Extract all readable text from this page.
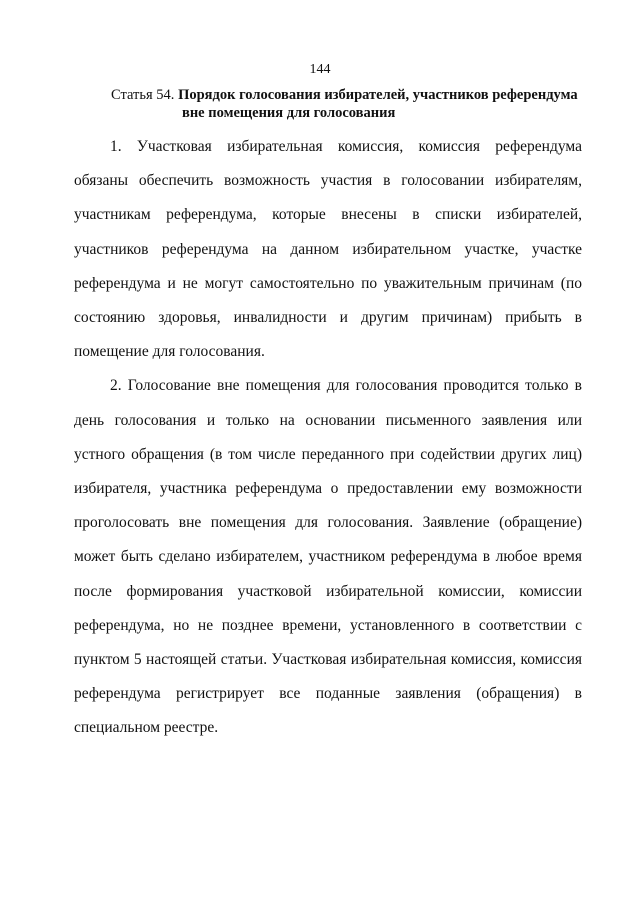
144
Статья 54. Порядок голосования избирателей, участников референдума
вне помещения для голосования

1. Участковая избирательная комиссия, комиссия референдума обязаны обеспечить возможность участия в голосовании избирателям, участникам референдума, которые внесены в списки избирателей, участников референдума на данном избирательном участке, участке референдума и не могут самостоятельно по уважительным причинам (по состоянию здоровья, инвалидности и другим причинам) прибыть в помещение для голосования.

2. Голосование вне помещения для голосования проводится только в день голосования и только на основании письменного заявления или устного обращения (в том числе переданного при содействии других лиц) избирателя, участника референдума о предоставлении ему возможности проголосовать вне помещения для голосования. Заявление (обращение) может быть сделано избирателем, участником референдума в любое время после формирования участковой избирательной комиссии, комиссии референдума, но не позднее времени, установленного в соответствии с пунктом 5 настоящей статьи. Участковая избирательная комиссия, комиссия референдума регистрирует все поданные заявления (обращения) в специальном реестре.
